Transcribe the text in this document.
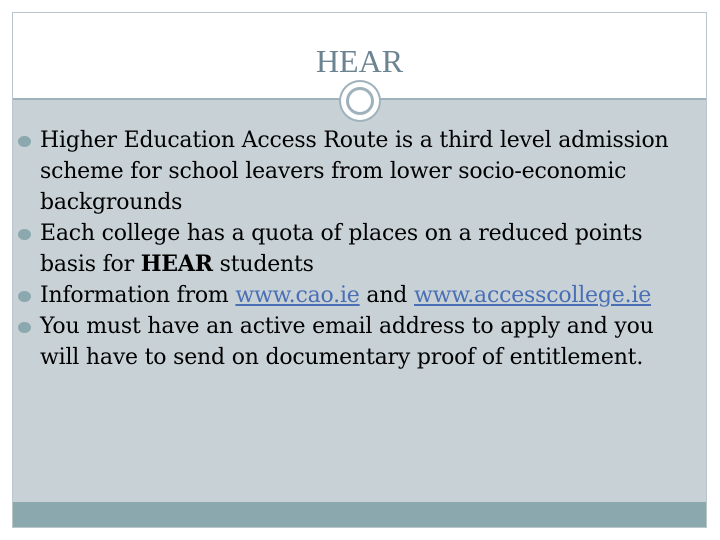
HEAR
Higher Education Access Route is a third level admission scheme for school leavers from lower socio-economic backgrounds
Each college has a quota of places on a reduced points basis for HEAR students
Information from www.cao.ie and www.accesscollege.ie
You must have an active email address to apply and you will have to send on documentary proof of entitlement.
